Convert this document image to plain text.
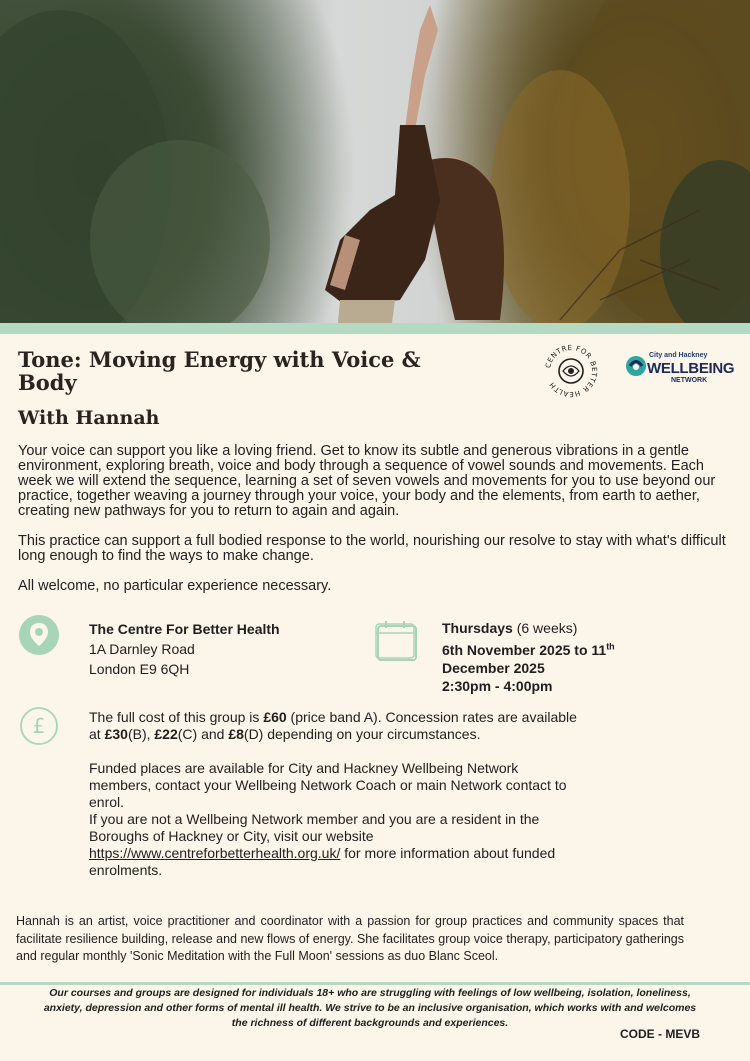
Tone: Moving Energy with Voice & Body
With Hannah
CENTRE FOR BETTER HEALTH
City and Hackney
WELLBEING
NETWORK

Your voice can support you like a loving friend. Get to know its subtle and generous vibrations in a gentle environment, exploring breath, voice and body through a sequence of vowel sounds and movements. Each week we will extend the sequence, learning a set of seven vowels and movements for you to use beyond our practice, together weaving a journey through your voice, your body and the elements, from earth to aether, creating new pathways for you to return to again and again.

This practice can support a full bodied response to the world, nourishing our resolve to stay with what's difficult long enough to find the ways to make change.

All welcome, no particular experience necessary.

The Centre For Better Health
1A Darnley Road
London E9 6QH
Thursdays (6 weeks)
6th November 2025 to 11th
December 2025
2:30pm - 4:00pm
£	The full cost of this group is £60 (price band A). Concession rates are available at £30(B), £22(C) and £8(D) depending on your circumstances.

Funded places are available for City and Hackney Wellbeing Network members, contact your Wellbeing Network Coach or main Network contact to enrol.

If you are not a Wellbeing Network member and you are a resident in the Boroughs of Hackney or City, visit our website https://www.centreforbetterhealth.org.uk/ for more information about funded enrolments.

Hannah is an artist, voice practitioner and coordinator with a passion for group practices and community spaces that facilitate resilience building, release and new flows of energy. She facilitates group voice therapy, participatory gatherings and regular monthly 'Sonic Meditation with the Full Moon' sessions as duo Blanc Sceol.

Our courses and groups are designed for individuals 18+ who are struggling with feelings of low wellbeing, isolation, loneliness, anxiety, depression and other forms of mental ill health. We strive to be an inclusive organisation, which works with and welcomes the richness of different backgrounds and experiences.

CODE - MEVB
